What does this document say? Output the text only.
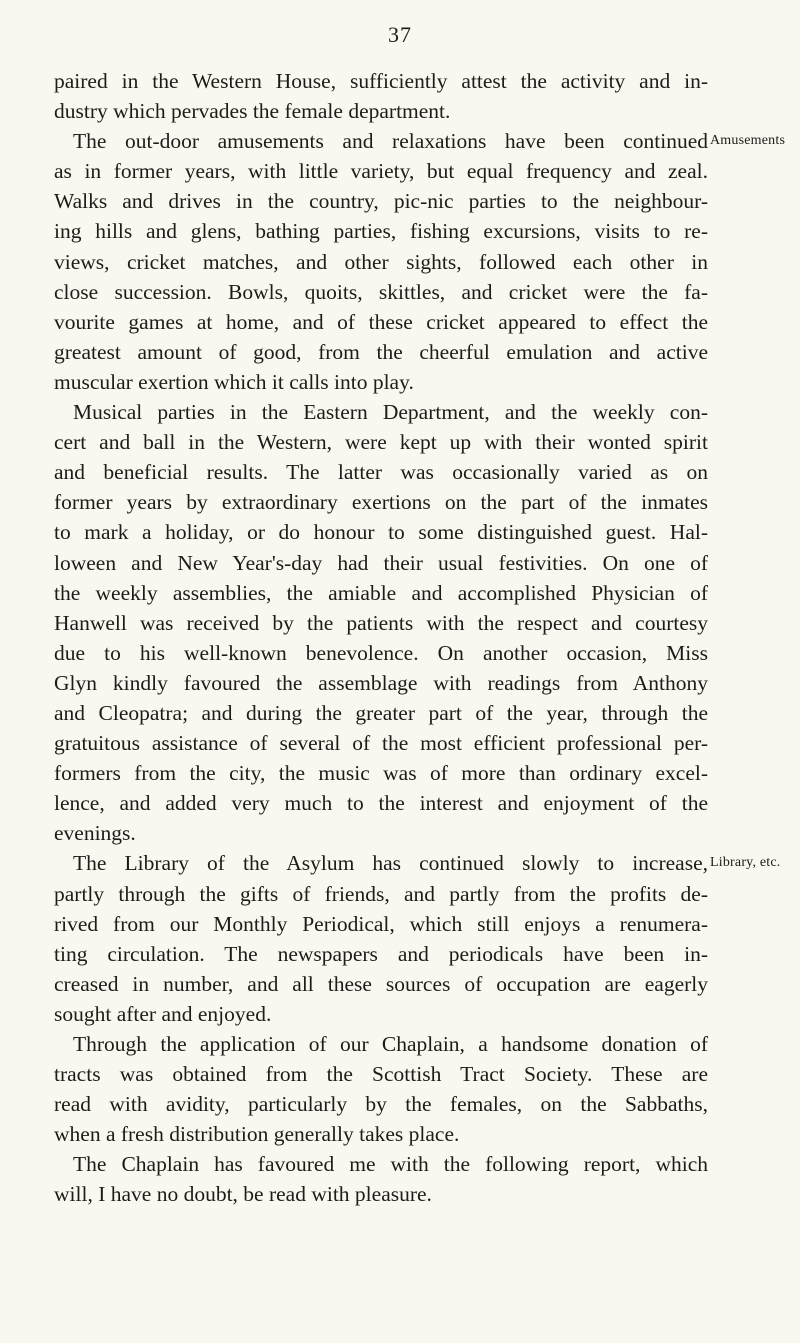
37
paired in the Western House, sufficiently attest the activity and in-
dustry which pervades the female department.
The out-door amusements and relaxations have been continued Amusements
as in former years, with little variety, but equal frequency and zeal.
Walks and drives in the country, pic-nic parties to the neighbour-
ing hills and glens, bathing parties, fishing excursions, visits to re-
views, cricket matches, and other sights, followed each other in
close succession. Bowls, quoits, skittles, and cricket were the fa-
vourite games at home, and of these cricket appeared to effect the
greatest amount of good, from the cheerful emulation and active
muscular exertion which it calls into play.
Musical parties in the Eastern Department, and the weekly con-
cert and ball in the Western, were kept up with their wonted spirit
and beneficial results. The latter was occasionally varied as on
former years by extraordinary exertions on the part of the inmates
to mark a holiday, or do honour to some distinguished guest. Hal-
loween and New Year's-day had their usual festivities. On one of
the weekly assemblies, the amiable and accomplished Physician of
Hanwell was received by the patients with the respect and courtesy
due to his well-known benevolence. On another occasion, Miss
Glyn kindly favoured the assemblage with readings from Anthony
and Cleopatra; and during the greater part of the year, through the
gratuitous assistance of several of the most efficient professional per-
formers from the city, the music was of more than ordinary excel-
lence, and added very much to the interest and enjoyment of the
evenings.
The Library of the Asylum has continued slowly to increase, Library, etc.
partly through the gifts of friends, and partly from the profits de-
rived from our Monthly Periodical, which still enjoys a renumera-
ting circulation. The newspapers and periodicals have been in-
creased in number, and all these sources of occupation are eagerly
sought after and enjoyed.
Through the application of our Chaplain, a handsome donation of
tracts was obtained from the Scottish Tract Society. These are
read with avidity, particularly by the females, on the Sabbaths,
when a fresh distribution generally takes place.
The Chaplain has favoured me with the following report, which
will, I have no doubt, be read with pleasure.
